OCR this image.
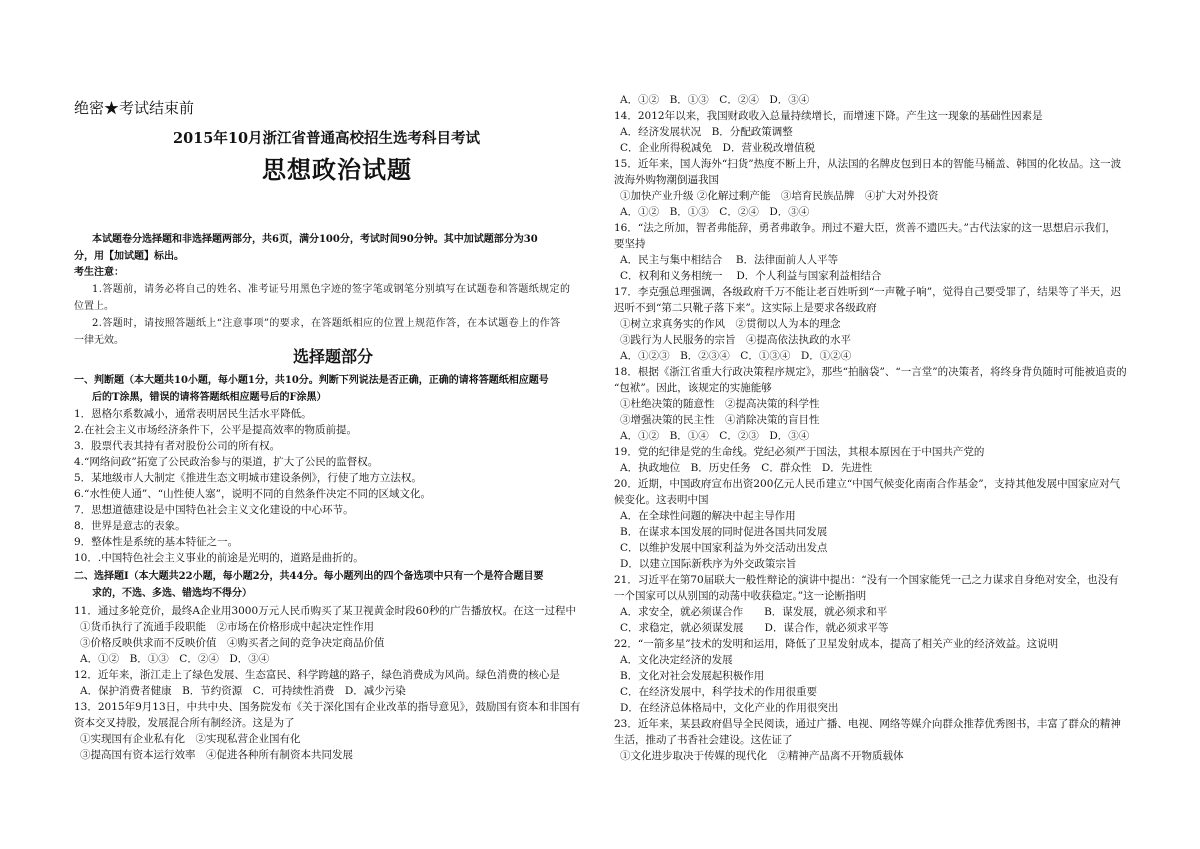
绝密★考试结束前
2015年10月浙江省普通高校招生选考科目考试
思想政治试题
本试题卷分选择题和非选择题两部分，共6页，满分100分，考试时间90分钟。其中加试题部分为30
分，用【加试题】标出。
考生注意：
1.答题前，请务必将自己的姓名、准考证号用黑色字迹的签字笔或钢笔分别填写在试题卷和答题纸规定的
位置上。
2.答题时，请按照答题纸上“注意事项”的要求，在答题纸相应的位置上规范作答，在本试题卷上的作答
一律无效。
选择题部分
一、判断题（本大题共10小题，每小题1分，共10分。判断下列说法是否正确，正确的请将答题纸相应题号
后的T涂黑，错误的请将答题纸相应题号后的F涂黑）
1．恩格尔系数减小，通常表明居民生活水平降低。
2.在社会主义市场经济条件下，公平是提高效率的物质前提。
3．股票代表其持有者对股份公司的所有权。
4.“网络问政”拓宽了公民政治参与的渠道，扩大了公民的监督权。
5．某地级市人大制定《推进生态文明城市建设条例》，行使了地方立法权。
6.“水性使人通”、“山性使人塞”，说明不同的自然条件决定不同的区域文化。
7．思想道德建设是中国特色社会主义文化建设的中心环节。
8．世界是意志的表象。
9．整体性是系统的基本特征之一。
10．.中国特色社会主义事业的前途是光明的，道路是曲折的。
二、选择题Ⅰ（本大题共22小题，每小题2分，共44分。每小题列出的四个备选项中只有一个是符合题目要
求的，不选、多选、错选均不得分）
11．通过多轮竞价，最终A企业用3000万元人民币购买了某卫视黄金时段60秒的广告播放权。在这一过程中
①货币执行了流通手段职能　②市场在价格形成中起决定性作用
③价格反映供求而不反映价值　④购买者之间的竞争决定商品价值
A．①②　B．①③　C．②④　D．③④
12．近年来，浙江走上了绿色发展、生态富民、科学跨越的路子，绿色消费成为风尚。绿色消费的核心是
A．保护消费者健康　B．节约资源　C．可持续性消费　D．减少污染
13．2015年9月13日，中共中央、国务院发布《关于深化国有企业改革的指导意见》，鼓励国有资本和非国有
资本交叉持股，发展混合所有制经济。这是为了
①实现国有企业私有化　②实现私营企业国有化
③提高国有资本运行效率　④促进各种所有制资本共同发展
A．①②　B．①③　C．②④　D．③④
14．2012年以来，我国财政收入总量持续增长，而增速下降。产生这一现象的基础性因素是
A．经济发展状况　B．分配政策调整
C．企业所得税减免　D．营业税改增值税
15．近年来，国人海外“扫货”热度不断上升，从法国的名牌皮包到日本的智能马桶盖、韩国的化妆品。这一波
波海外购物潮倒逼我国
①加快产业升级 ②化解过剩产能　③培育民族品牌　④扩大对外投资
A．①②　B．①③　C．②④　D．③④
16．“法之所加，智者弗能辞，勇者弗敢争。刑过不避大臣，赏善不遗匹夫。”古代法家的这一思想启示我们，
要坚持
A．民主与集中相结合　 B．法律面前人人平等
C．权利和义务相统一　 D．个人利益与国家利益相结合
17．李克强总理强调，各级政府千万不能让老百姓听到“一声靴子响”，觉得自己要受罪了，结果等了半天，迟
迟听不到“第二只靴子落下来”。这实际上是要求各级政府
①树立求真务实的作风　②贯彻以人为本的理念
③践行为人民服务的宗旨　④提高依法执政的水平
A．①②③　B．②③④　C．①③④　D．①②④
18．根据《浙江省重大行政决策程序规定》，那些“拍脑袋”、“一言堂”的决策者，将终身背负随时可能被追责的
“包袱”。因此，该规定的实施能够
①杜绝决策的随意性　②提高决策的科学性
③增强决策的民主性　④消除决策的盲目性
A．①②　B．①④　C．②③　D．③④
19．党的纪律是党的生命线。党纪必须严于国法，其根本原因在于中国共产党的
A．执政地位　B．历史任务　C．群众性　D．先进性
20．近期，中国政府宣布出资200亿元人民币建立“中国气候变化南南合作基金”，支持其他发展中国家应对气
候变化。这表明中国
A．在全球性问题的解决中起主导作用
B．在谋求本国发展的同时促进各国共同发展
C．以维护发展中国家利益为外交活动出发点
D．以建立国际新秩序为外交政策宗旨
21．习近平在第70届联大一般性辩论的演讲中提出：“没有一个国家能凭一己之力谋求自身绝对安全，也没有
一个国家可以从别国的动荡中收获稳定。”这一论断指明
A．求安全，就必须谋合作　　B．谋发展，就必须求和平
C．求稳定，就必须谋发展　　D．谋合作，就必须求平等
22．“一箭多星”技术的发明和运用，降低了卫星发射成本，提高了相关产业的经济效益。这说明
A．文化决定经济的发展
B．文化对社会发展起积极作用
C．在经济发展中，科学技术的作用很重要
D．在经济总体格局中，文化产业的作用很突出
23．近年来，某县政府倡导全民阅读，通过广播、电视、网络等媒介向群众推荐优秀图书，丰富了群众的精神
生活，推动了书香社会建设。这佐证了
①文化进步取决于传媒的现代化　②精神产品离不开物质载体
